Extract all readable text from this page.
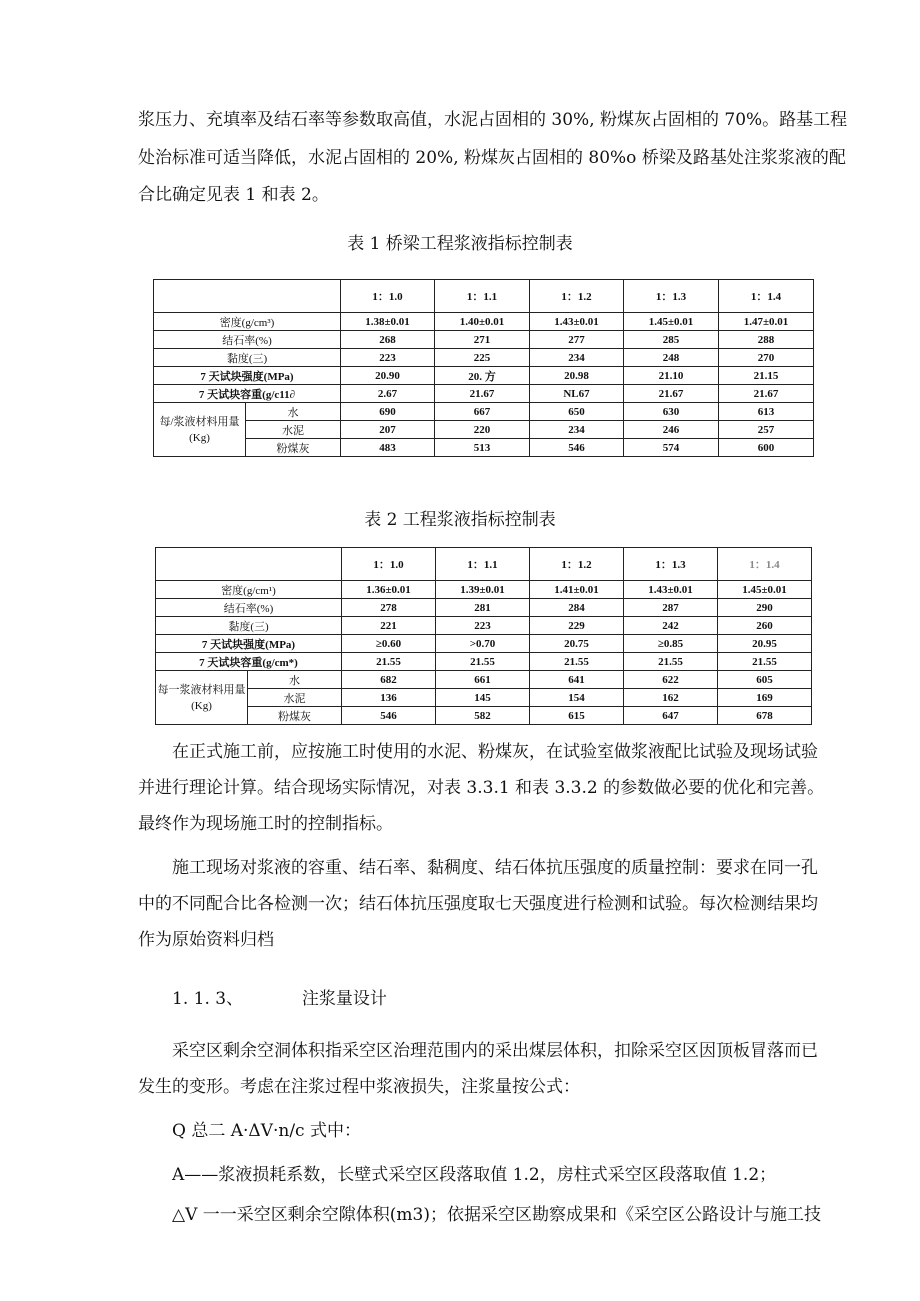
浆压力、充填率及结石率等参数取高值，水泥占固相的 30%, 粉煤灰占固相的 70%。路基工程

处治标准可适当降低，水泥占固相的 20%, 粉煤灰占固相的 80%o 桥梁及路基处注浆浆液的配

合比确定见表 1 和表 2。

表 1 桥梁工程浆液指标控制表

		1：1.0	1：1.1	1：1.2	1：1.3	1：1.4
密度(g/cm³)		1.38±0.01	1.40±0.01	1.43±0.01	1.45±0.01	1.47±0.01
结石率(%)		268	271	277	285	288
黏度(三)		223	225	234	248	270
7 天试块强度(MPa)		20.90	20. 方	20.98	21.10	21.15
7 天试块容重(g/c11∂		2.67	21.67	NL67	21.67	21.67
每/浆液材料用量(Kg)	水	690	667	650	630	613
	水泥	207	220	234	246	257
	粉煤灰	483	513	546	574	600

表 2 工程浆液指标控制表

		1：1.0	1：1.1	1：1.2	1：1.3	1：1.4
密度(g/cm¹)		1.36±0.01	1.39±0.01	1.41±0.01	1.43±0.01	1.45±0.01
结石率(%)		278	281	284	287	290
黏度(三)		221	223	229	242	260
7 天试块强度(MPa)		≥0.60	>0.70	20.75	≥0.85	20.95
7 天试块容重(g/cm*)		21.55	21.55	21.55	21.55	21.55
每一浆液材料用量(Kg)	水	682	661	641	622	605
	水泥	136	145	154	162	169
	粉煤灰	546	582	615	647	678

　　在正式施工前，应按施工时使用的水泥、粉煤灰，在试验室做浆液配比试验及现场试验

并进行理论计算。结合现场实际情况，对表 3.3.1 和表 3.3.2 的参数做必要的优化和完善。

最终作为现场施工时的控制指标。

　　施工现场对浆液的容重、结石率、黏稠度、结石体抗压强度的质量控制：要求在同一孔

中的不同配合比各检测一次；结石体抗压强度取七天强度进行检测和试验。每次检测结果均

作为原始资料归档

1. 1. 3、	注浆量设计

　　采空区剩余空洞体积指采空区治理范围内的采出煤层体积，扣除采空区因顶板冒落而已

发生的变形。考虑在注浆过程中浆液损失，注浆量按公式：

Q 总二 A·ΔV·n/c 式中：

A——浆液损耗系数，长壁式采空区段落取值 1.2，房柱式采空区段落取值 1.2；

△V 一一采空区剩余空隙体积(m3)；依据采空区勘察成果和《采空区公路设计与施工技
